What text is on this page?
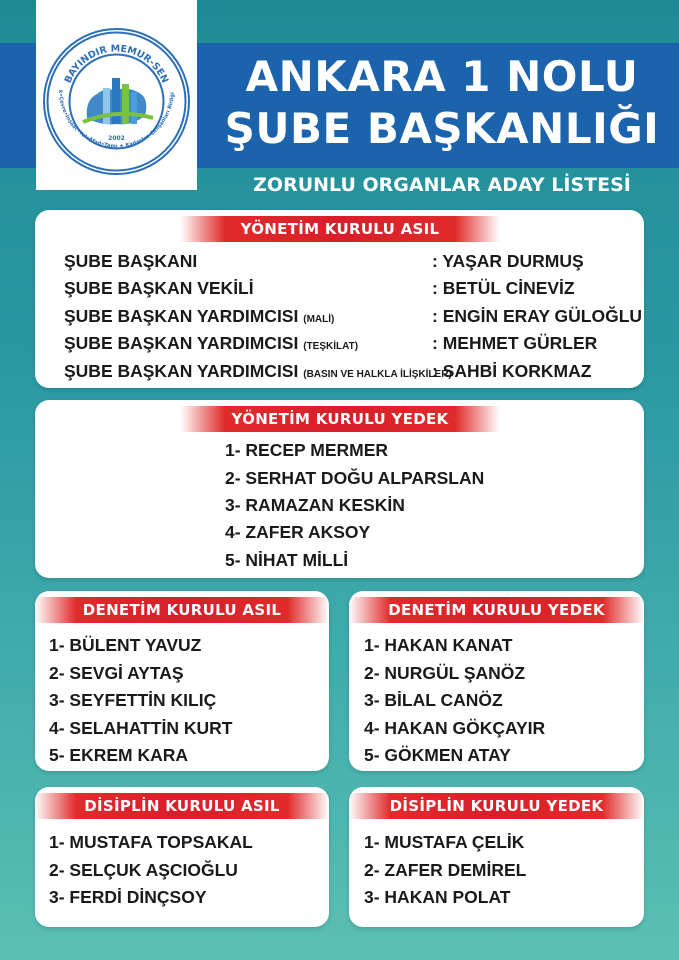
BAYINDIR MEMUR-SEN
k•Çevre•İnşaat•Yol•Afad•Tapu ★ Kadastro Çalışanları Birliği
2002
ANKARA 1 NOLU
ŞUBE BAŞKANLIĞI
ZORUNLU ORGANLAR ADAY LİSTESİ
YÖNETİM KURULU ASIL
ŞUBE BAŞKANI	: YAŞAR DURMUŞ
ŞUBE BAŞKAN VEKİLİ	: BETÜL CİNEVİZ
ŞUBE BAŞKAN YARDIMCISI (MALİ)	: ENGİN ERAY GÜLOĞLU
ŞUBE BAŞKAN YARDIMCISI (TEŞKİLAT)	: MEHMET GÜRLER
ŞUBE BAŞKAN YARDIMCISI (BASIN VE HALKLA İLİŞKİLER)
: SAHBİ KORKMAZ
YÖNETİM KURULU YEDEK
1- RECEP MERMER
2- SERHAT DOĞU ALPARSLAN
3- RAMAZAN KESKİN
4- ZAFER AKSOY
5- NİHAT MİLLİ
DENETİM KURULU ASIL
1- BÜLENT YAVUZ
2- SEVGİ AYTAŞ
3- SEYFETTİN KILIÇ
4- SELAHATTİN KURT
5- EKREM KARA
DENETİM KURULU YEDEK
1- HAKAN KANAT
2- NURGÜL ŞANÖZ
3- BİLAL CANÖZ
4- HAKAN GÖKÇAYIR
5- GÖKMEN ATAY
DİSİPLİN KURULU ASIL
1- MUSTAFA TOPSAKAL
2- SELÇUK AŞCIOĞLU
3- FERDİ DİNÇSOY
DİSİPLİN KURULU YEDEK
1- MUSTAFA ÇELİK
2- ZAFER DEMİREL
3- HAKAN POLAT
